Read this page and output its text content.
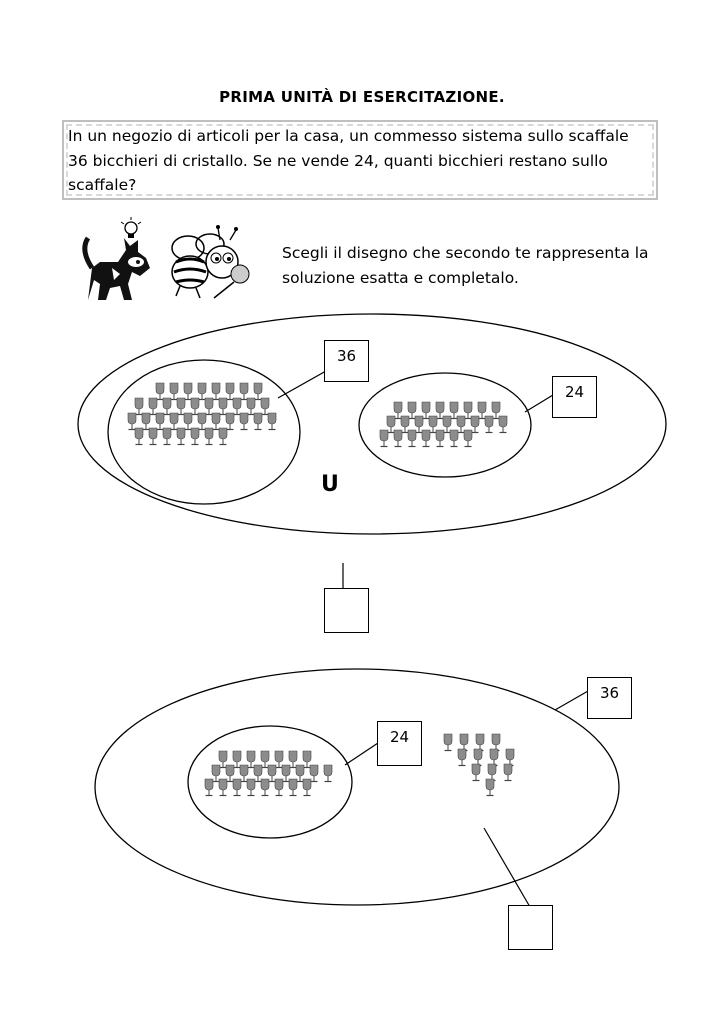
PRIMA UNITÀ DI ESERCITAZIONE.
In un negozio di articoli per la casa, un commesso sistema sullo scaffale
36 bicchieri di cristallo. Se ne vende 24, quanti bicchieri restano sullo
scaffale?
Scegli il disegno che secondo te rappresenta la
soluzione esatta e completalo.
36
24
U
36
24
